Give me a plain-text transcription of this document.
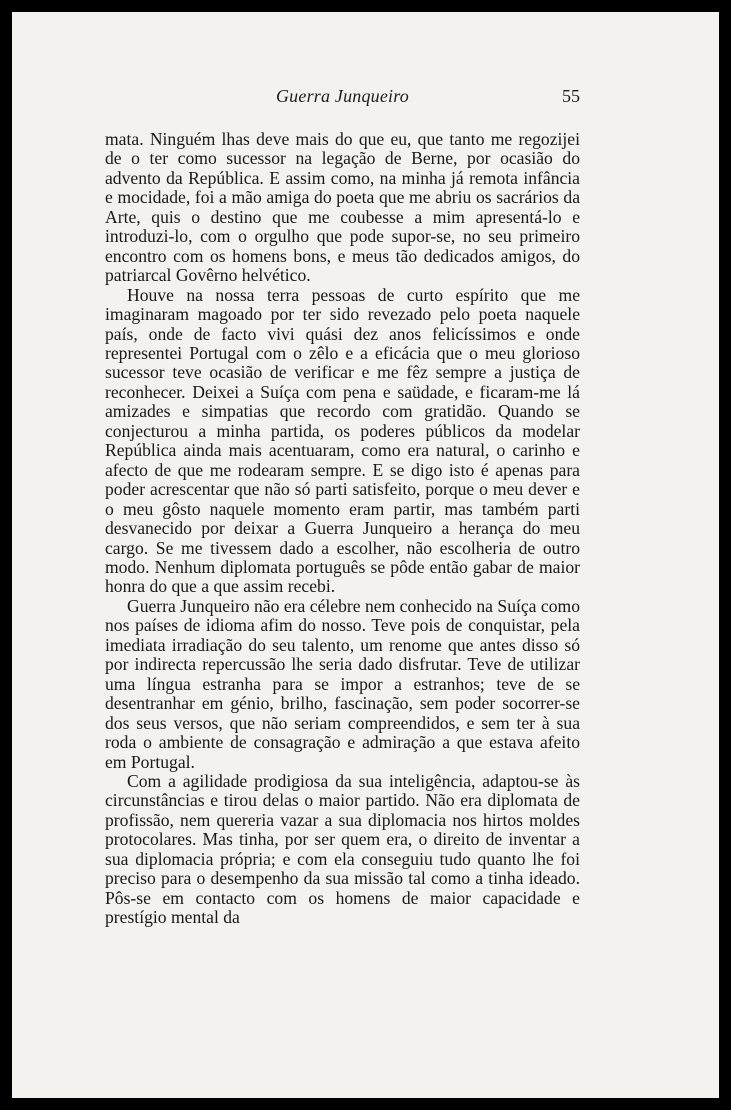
Guerra Junqueiro	55

mata. Ninguém lhas deve mais do que eu, que tanto me regozijei de o ter como sucessor na legação de Berne, por ocasião do advento da República. E assim como, na minha já remota infância e mocidade, foi a mão amiga do poeta que me abriu os sacrários da Arte, quis o destino que me coubesse a mim apresentá-lo e introduzi-lo, com o orgulho que pode supor-se, no seu primeiro encontro com os homens bons, e meus tão dedicados amigos, do patriarcal Govêrno helvético.

Houve na nossa terra pessoas de curto espírito que me imaginaram magoado por ter sido revezado pelo poeta naquele país, onde de facto vivi quási dez anos felicíssimos e onde representei Portugal com o zêlo e a eficácia que o meu glorioso sucessor teve ocasião de verificar e me fêz sempre a justiça de reconhecer. Deixei a Suíça com pena e saüdade, e ficaram-me lá amizades e simpatias que recordo com gratidão. Quando se conjecturou a minha partida, os poderes públicos da modelar República ainda mais acentuaram, como era natural, o carinho e afecto de que me rodearam sempre. E se digo isto é apenas para poder acrescentar que não só parti satisfeito, porque o meu dever e o meu gôsto naquele momento eram partir, mas também parti desvanecido por deixar a Guerra Junqueiro a herança do meu cargo. Se me tivessem dado a escolher, não escolheria de outro modo. Nenhum diplomata português se pôde então gabar de maior honra do que a que assim recebi.

Guerra Junqueiro não era célebre nem conhecido na Suíça como nos países de idioma afim do nosso. Teve pois de conquistar, pela imediata irradiação do seu talento, um renome que antes disso só por indirecta repercussão lhe seria dado disfrutar. Teve de utilizar uma língua estranha para se impor a estranhos; teve de se desentranhar em génio, brilho, fascinação, sem poder socorrer-se dos seus versos, que não seriam compreendidos, e sem ter à sua roda o ambiente de consagração e admiração a que estava afeito em Portugal.

Com a agilidade prodigiosa da sua inteligência, adaptou-se às circunstâncias e tirou delas o maior partido. Não era diplomata de profissão, nem quereria vazar a sua diplomacia nos hirtos moldes protocolares. Mas tinha, por ser quem era, o direito de inventar a sua diplomacia própria; e com ela conseguiu tudo quanto lhe foi preciso para o desempenho da sua missão tal como a tinha ideado. Pôs-se em contacto com os homens de maior capacidade e prestígio mental da
